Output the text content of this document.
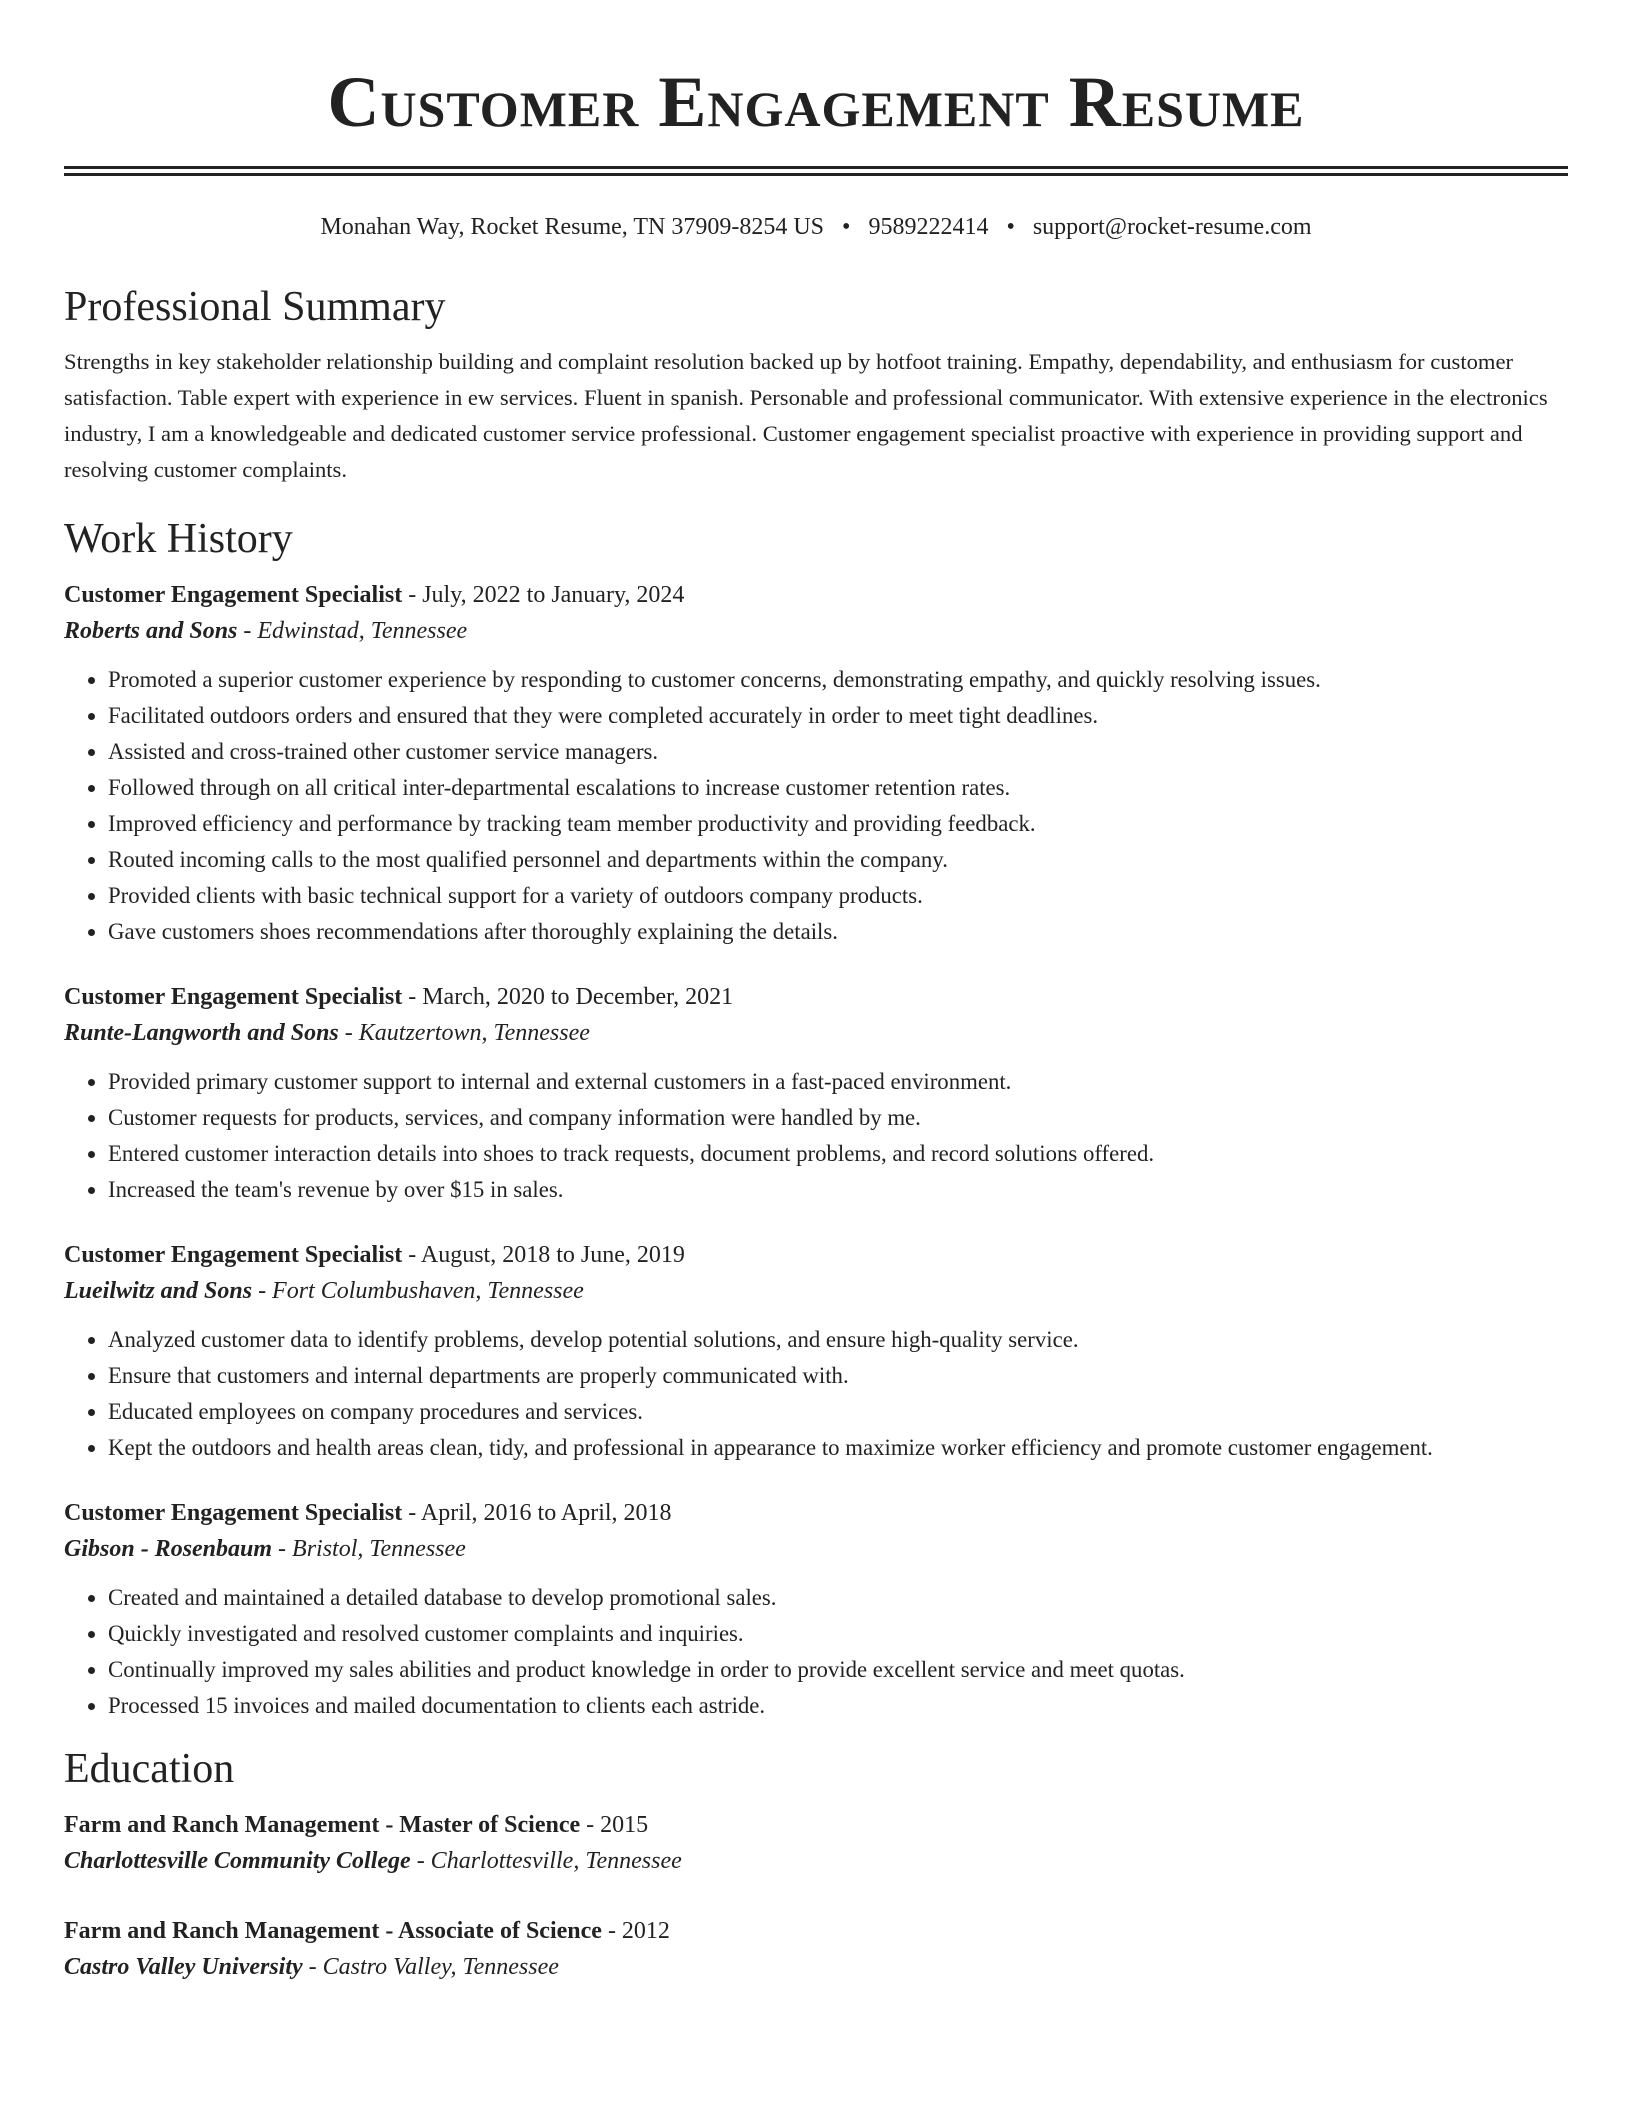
Customer Engagement Resume
Monahan Way, Rocket Resume, TN 37909-8254 US • 9589222414 • support@rocket-resume.com
Professional Summary

Strengths in key stakeholder relationship building and complaint resolution backed up by hotfoot training. Empathy, dependability, and enthusiasm for customer satisfaction. Table expert with experience in ew services. Fluent in spanish. Personable and professional communicator. With extensive experience in the electronics industry, I am a knowledgeable and dedicated customer service professional. Customer engagement specialist proactive with experience in providing support and resolving customer complaints.

Work History

Customer Engagement Specialist - July, 2022 to January, 2024

Roberts and Sons - Edwinstad, Tennessee

• Promoted a superior customer experience by responding to customer concerns, demonstrating empathy, and quickly resolving issues.
• Facilitated outdoors orders and ensured that they were completed accurately in order to meet tight deadlines.
• Assisted and cross-trained other customer service managers.
• Followed through on all critical inter-departmental escalations to increase customer retention rates.
• Improved efficiency and performance by tracking team member productivity and providing feedback.
• Routed incoming calls to the most qualified personnel and departments within the company.
• Provided clients with basic technical support for a variety of outdoors company products.
• Gave customers shoes recommendations after thoroughly explaining the details.

Customer Engagement Specialist - March, 2020 to December, 2021

Runte-Langworth and Sons - Kautzertown, Tennessee

• Provided primary customer support to internal and external customers in a fast-paced environment.
• Customer requests for products, services, and company information were handled by me.
• Entered customer interaction details into shoes to track requests, document problems, and record solutions offered.
• Increased the team's revenue by over $15 in sales.

Customer Engagement Specialist - August, 2018 to June, 2019

Lueilwitz and Sons - Fort Columbushaven, Tennessee

• Analyzed customer data to identify problems, develop potential solutions, and ensure high-quality service.
• Ensure that customers and internal departments are properly communicated with.
• Educated employees on company procedures and services.
• Kept the outdoors and health areas clean, tidy, and professional in appearance to maximize worker efficiency and promote customer engagement.

Customer Engagement Specialist - April, 2016 to April, 2018

Gibson - Rosenbaum - Bristol, Tennessee

• Created and maintained a detailed database to develop promotional sales.
• Quickly investigated and resolved customer complaints and inquiries.
• Continually improved my sales abilities and product knowledge in order to provide excellent service and meet quotas.
• Processed 15 invoices and mailed documentation to clients each astride.
Education

Farm and Ranch Management - Master of Science - 2015

Charlottesville Community College - Charlottesville, Tennessee

Farm and Ranch Management - Associate of Science - 2012

Castro Valley University - Castro Valley, Tennessee
